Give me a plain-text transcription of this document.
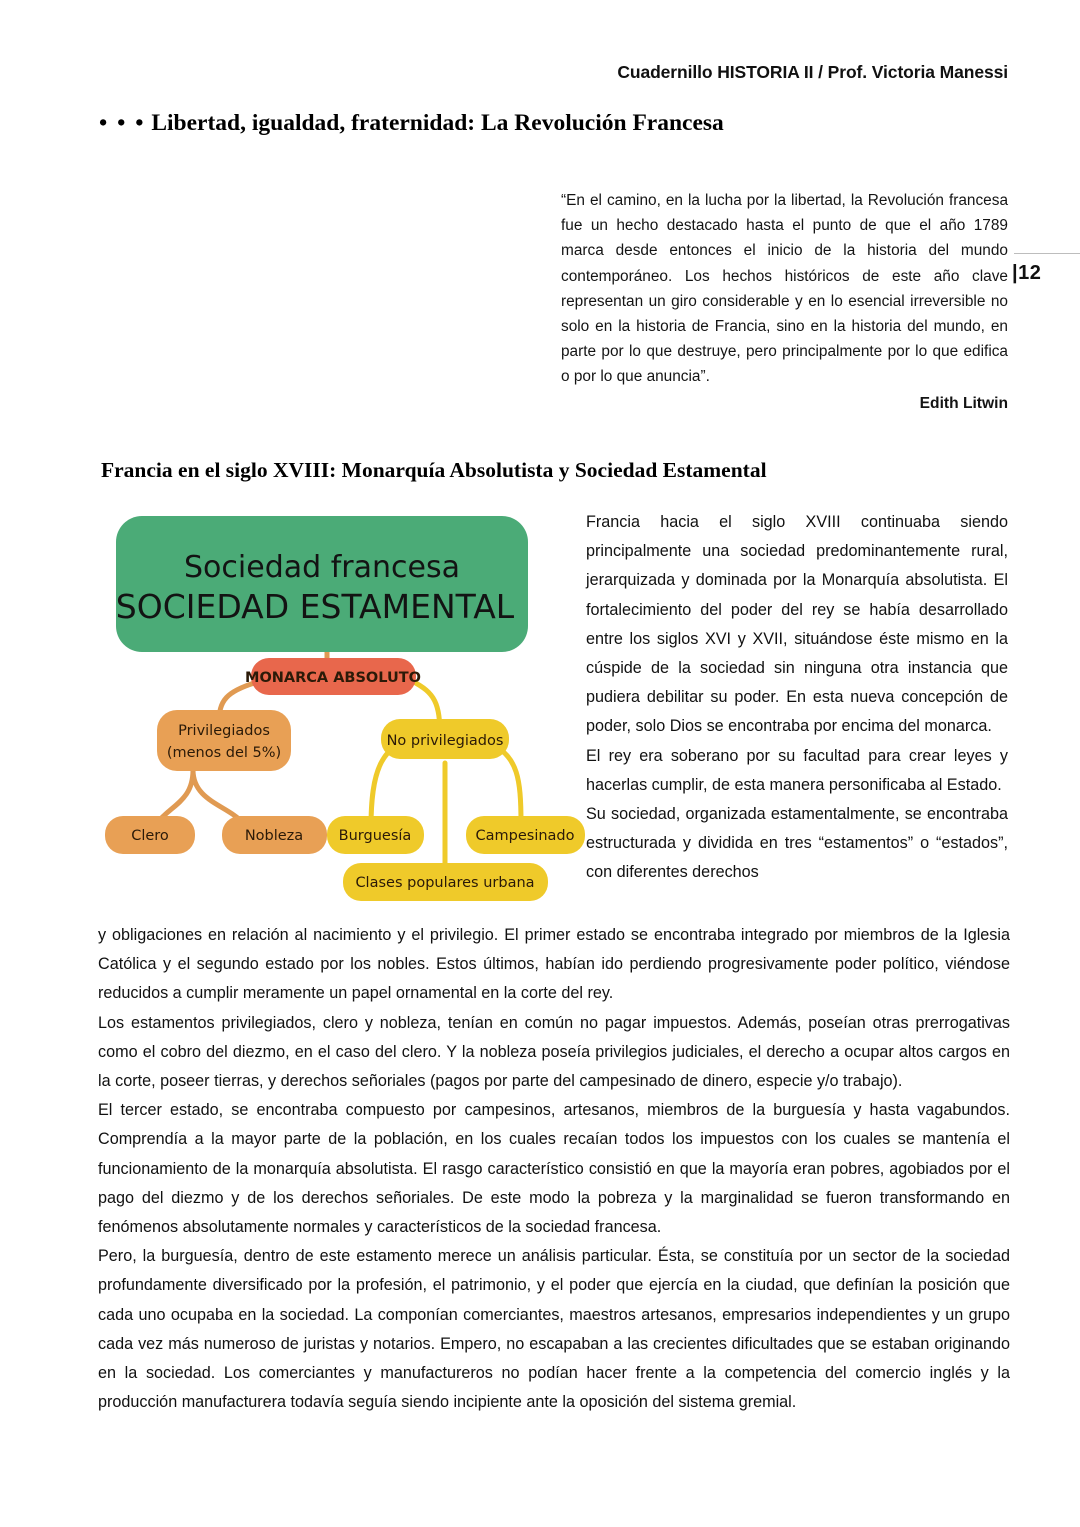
Cuadernillo HISTORIA II / Prof. Victoria Manessi
• • • Libertad, igualdad, fraternidad: La Revolución Francesa
|12
“En el camino, en la lucha por la libertad, la Revolución francesa fue un hecho destacado hasta el punto de que el año 1789 marca desde entonces el inicio de la historia del mundo contemporáneo. Los hechos históricos de este año clave representan un giro considerable y en lo esencial irreversible no solo en la historia de Francia, sino en la historia del mundo, en parte por lo que destruye, pero principalmente por lo que edifica o por lo que anuncia”.
Edith Litwin
Francia en el siglo XVIII: Monarquía Absolutista y Sociedad Estamental
Sociedad francesa
SOCIEDAD ESTAMENTAL
MONARCA ABSOLUTO
Privilegiados
(menos del 5%)
No privilegiados
Clero	Nobleza Burguesía	Campesinado
Clases populares urbana

Francia hacia el siglo XVIII continuaba siendo principalmente una sociedad predominantemente rural, jerarquizada y dominada por la Monarquía absolutista. El fortalecimiento del poder del rey se había desarrollado entre los siglos XVI y XVII, situándose éste mismo en la cúspide de la sociedad sin ninguna otra instancia que pudiera debilitar su poder. En esta nueva concepción de poder, solo Dios se encontraba por encima del monarca.

El rey era soberano por su facultad para crear leyes y hacerlas cumplir, de esta manera personificaba al Estado.

Su sociedad, organizada estamentalmente, se encontraba estructurada y dividida en tres “estamentos” o “estados”, con diferentes derechos

y obligaciones en relación al nacimiento y el privilegio. El primer estado se encontraba integrado por miembros de la Iglesia Católica y el segundo estado por los nobles. Estos últimos, habían ido perdiendo progresivamente poder político, viéndose reducidos a cumplir meramente un papel ornamental en la corte del rey.

Los estamentos privilegiados, clero y nobleza, tenían en común no pagar impuestos. Además, poseían otras prerrogativas como el cobro del diezmo, en el caso del clero. Y la nobleza poseía privilegios judiciales, el derecho a ocupar altos cargos en la corte, poseer tierras, y derechos señoriales (pagos por parte del campesinado de dinero, especie y/o trabajo).

El tercer estado, se encontraba compuesto por campesinos, artesanos, miembros de la burguesía y hasta vagabundos. Comprendía a la mayor parte de la población, en los cuales recaían todos los impuestos con los cuales se mantenía el funcionamiento de la monarquía absolutista. El rasgo característico consistió en que la mayoría eran pobres, agobiados por el pago del diezmo y de los derechos señoriales. De este modo la pobreza y la marginalidad se fueron transformando en fenómenos absolutamente normales y característicos de la sociedad francesa.

Pero, la burguesía, dentro de este estamento merece un análisis particular. Ésta, se constituía por un sector de la sociedad profundamente diversificado por la profesión, el patrimonio, y el poder que ejercía en la ciudad, que definían la posición que cada uno ocupaba en la sociedad. La componían comerciantes, maestros artesanos, empresarios independientes y un grupo cada vez más numeroso de juristas y notarios. Empero, no escapaban a las crecientes dificultades que se estaban originando en la sociedad. Los comerciantes y manufactureros no podían hacer frente a la competencia del comercio inglés y la producción manufacturera todavía seguía siendo incipiente ante la oposición del sistema gremial.
